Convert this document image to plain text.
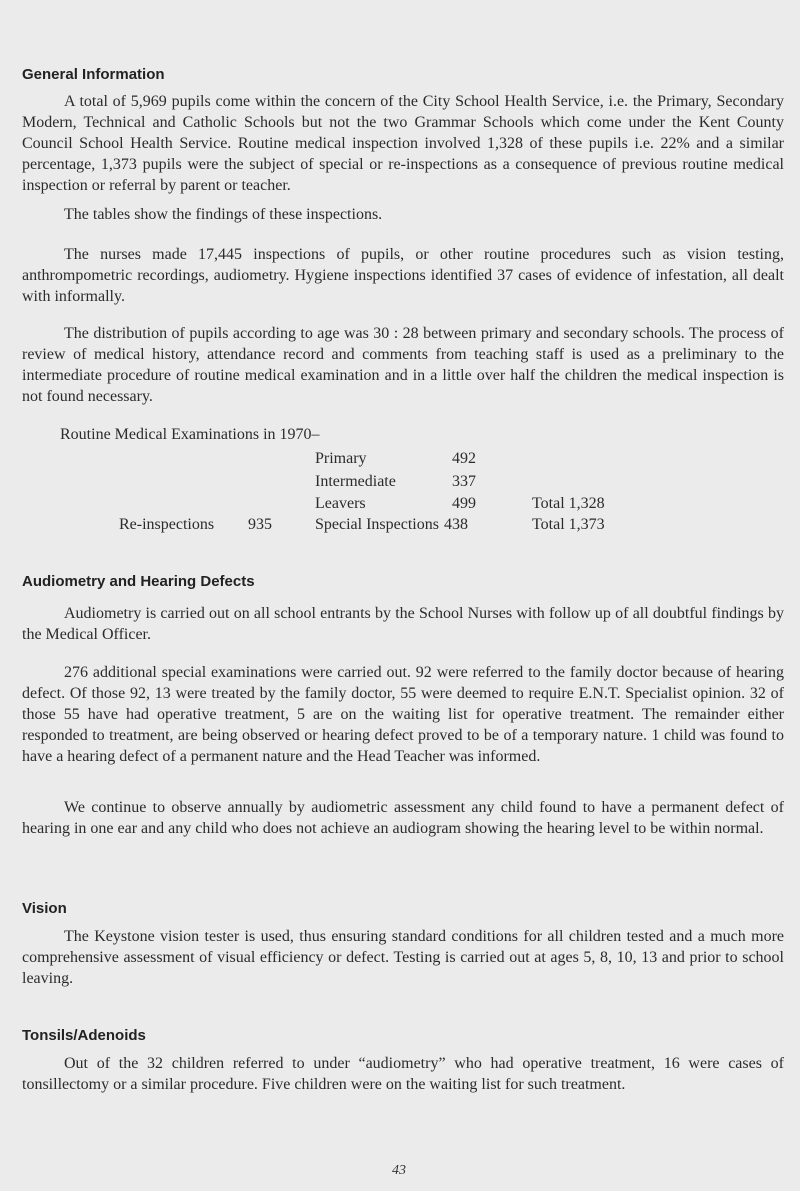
General Information

A total of 5,969 pupils come within the concern of the City School Health Service, i.e. the Primary, Secondary Modern, Technical and Catholic Schools but not the two Grammar Schools which come under the Kent County Council School Health Service. Routine medical inspection involved 1,328 of these pupils i.e. 22% and a similar percentage, 1,373 pupils were the subject of special or re-inspections as a consequence of previous routine medical inspection or referral by parent or teacher.

The tables show the findings of these inspections.

The nurses made 17,445 inspections of pupils, or other routine procedures such as vision testing, anthrompometric recordings, audiometry. Hygiene inspections identified 37 cases of evidence of infestation, all dealt with informally.

The distribution of pupils according to age was 30 : 28 between primary and secondary schools. The process of review of medical history, attendance record and comments from teaching staff is used as a preliminary to the intermediate procedure of routine medical examination and in a little over half the children the medical inspection is not found necessary.

Routine Medical Examinations in 1970–
Primary	492
Intermediate	337
Leavers	499	Total 1,328
Re-inspections 935	Special Inspections 438	Total 1,373
Audiometry and Hearing Defects

Audiometry is carried out on all school entrants by the School Nurses with follow up of all doubtful findings by the Medical Officer.

276 additional special examinations were carried out. 92 were referred to the family doctor because of hearing defect. Of those 92, 13 were treated by the family doctor, 55 were deemed to require E.N.T. Specialist opinion. 32 of those 55 have had operative treatment, 5 are on the waiting list for operative treatment. The remainder either responded to treatment, are being observed or hearing defect proved to be of a temporary nature. 1 child was found to have a hearing defect of a permanent nature and the Head Teacher was informed.

We continue to observe annually by audiometric assessment any child found to have a permanent defect of hearing in one ear and any child who does not achieve an audiogram showing the hearing level to be within normal.

Vision

The Keystone vision tester is used, thus ensuring standard conditions for all children tested and a much more comprehensive assessment of visual efficiency or defect. Testing is carried out at ages 5, 8, 10, 13 and prior to school leaving.

Tonsils/Adenoids

Out of the 32 children referred to under “audiometry” who had operative treatment, 16 were cases of tonsillectomy or a similar procedure. Five children were on the waiting list for such treatment.

43
